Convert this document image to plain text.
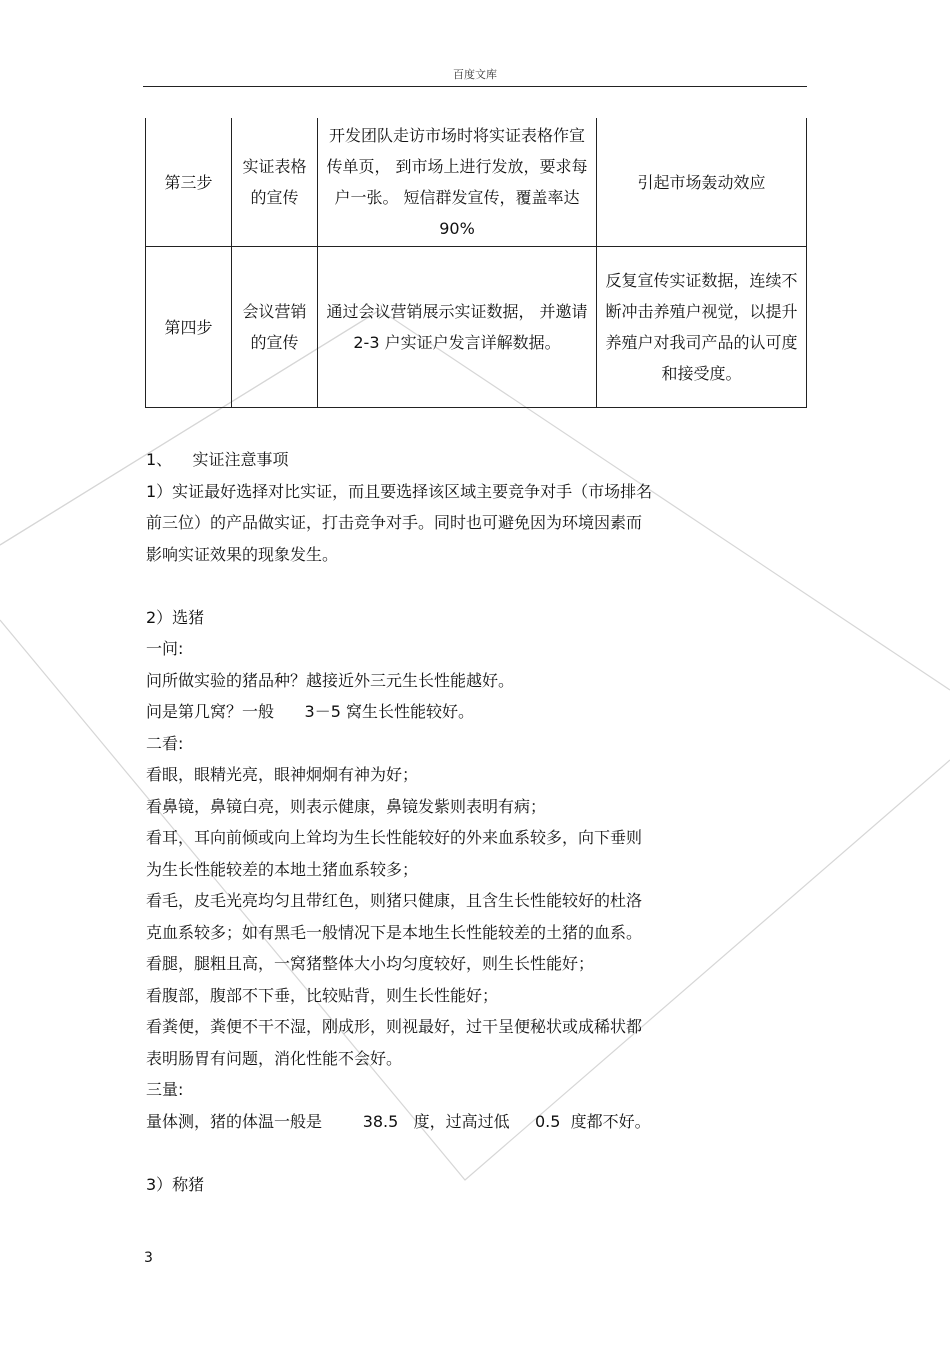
百度文库
第三步	实证表格的宣传	开发团队走访市场时将实证表格作宣传单页， 到市场上进行发放，要求每户一张。 短信群发宣传，覆盖率达 90%	引起市场轰动效应
第四步	会议营销的宣传	通过会议营销展示实证数据， 并邀请 2-3 户实证户发言详解数据。	反复宣传实证数据，连续不断冲击养殖户视觉，以提升养殖户对我司产品的认可度和接受度。
1、    实证注意事项
1）实证最好选择对比实证，而且要选择该区域主要竞争对手（市场排名
前三位）的产品做实证，打击竞争对手。同时也可避免因为环境因素而
影响实证效果的现象发生。
2）选猪
一问:
问所做实验的猪品种？越接近外三元生长性能越好。
问是第几窝？一般      3－5 窝生长性能较好。
二看:
看眼，眼精光亮，眼神炯炯有神为好；
看鼻镜，鼻镜白亮，则表示健康，鼻镜发紫则表明有病；
看耳，耳向前倾或向上耸均为生长性能较好的外来血系较多，向下垂则
为生长性能较差的本地土猪血系较多；
看毛，皮毛光亮均匀且带红色，则猪只健康，且含生长性能较好的杜洛
克血系较多；如有黑毛一般情况下是本地生长性能较差的土猪的血系。
看腿，腿粗且高，一窝猪整体大小均匀度较好，则生长性能好；
看腹部，腹部不下垂，比较贴背，则生长性能好；
看粪便，粪便不干不湿，刚成形，则视最好，过干呈便秘状或成稀状都
表明肠胃有问题，消化性能不会好。
三量:
量体测，猪的体温一般是        38.5   度，过高过低     0.5  度都不好。
3）称猪
3
